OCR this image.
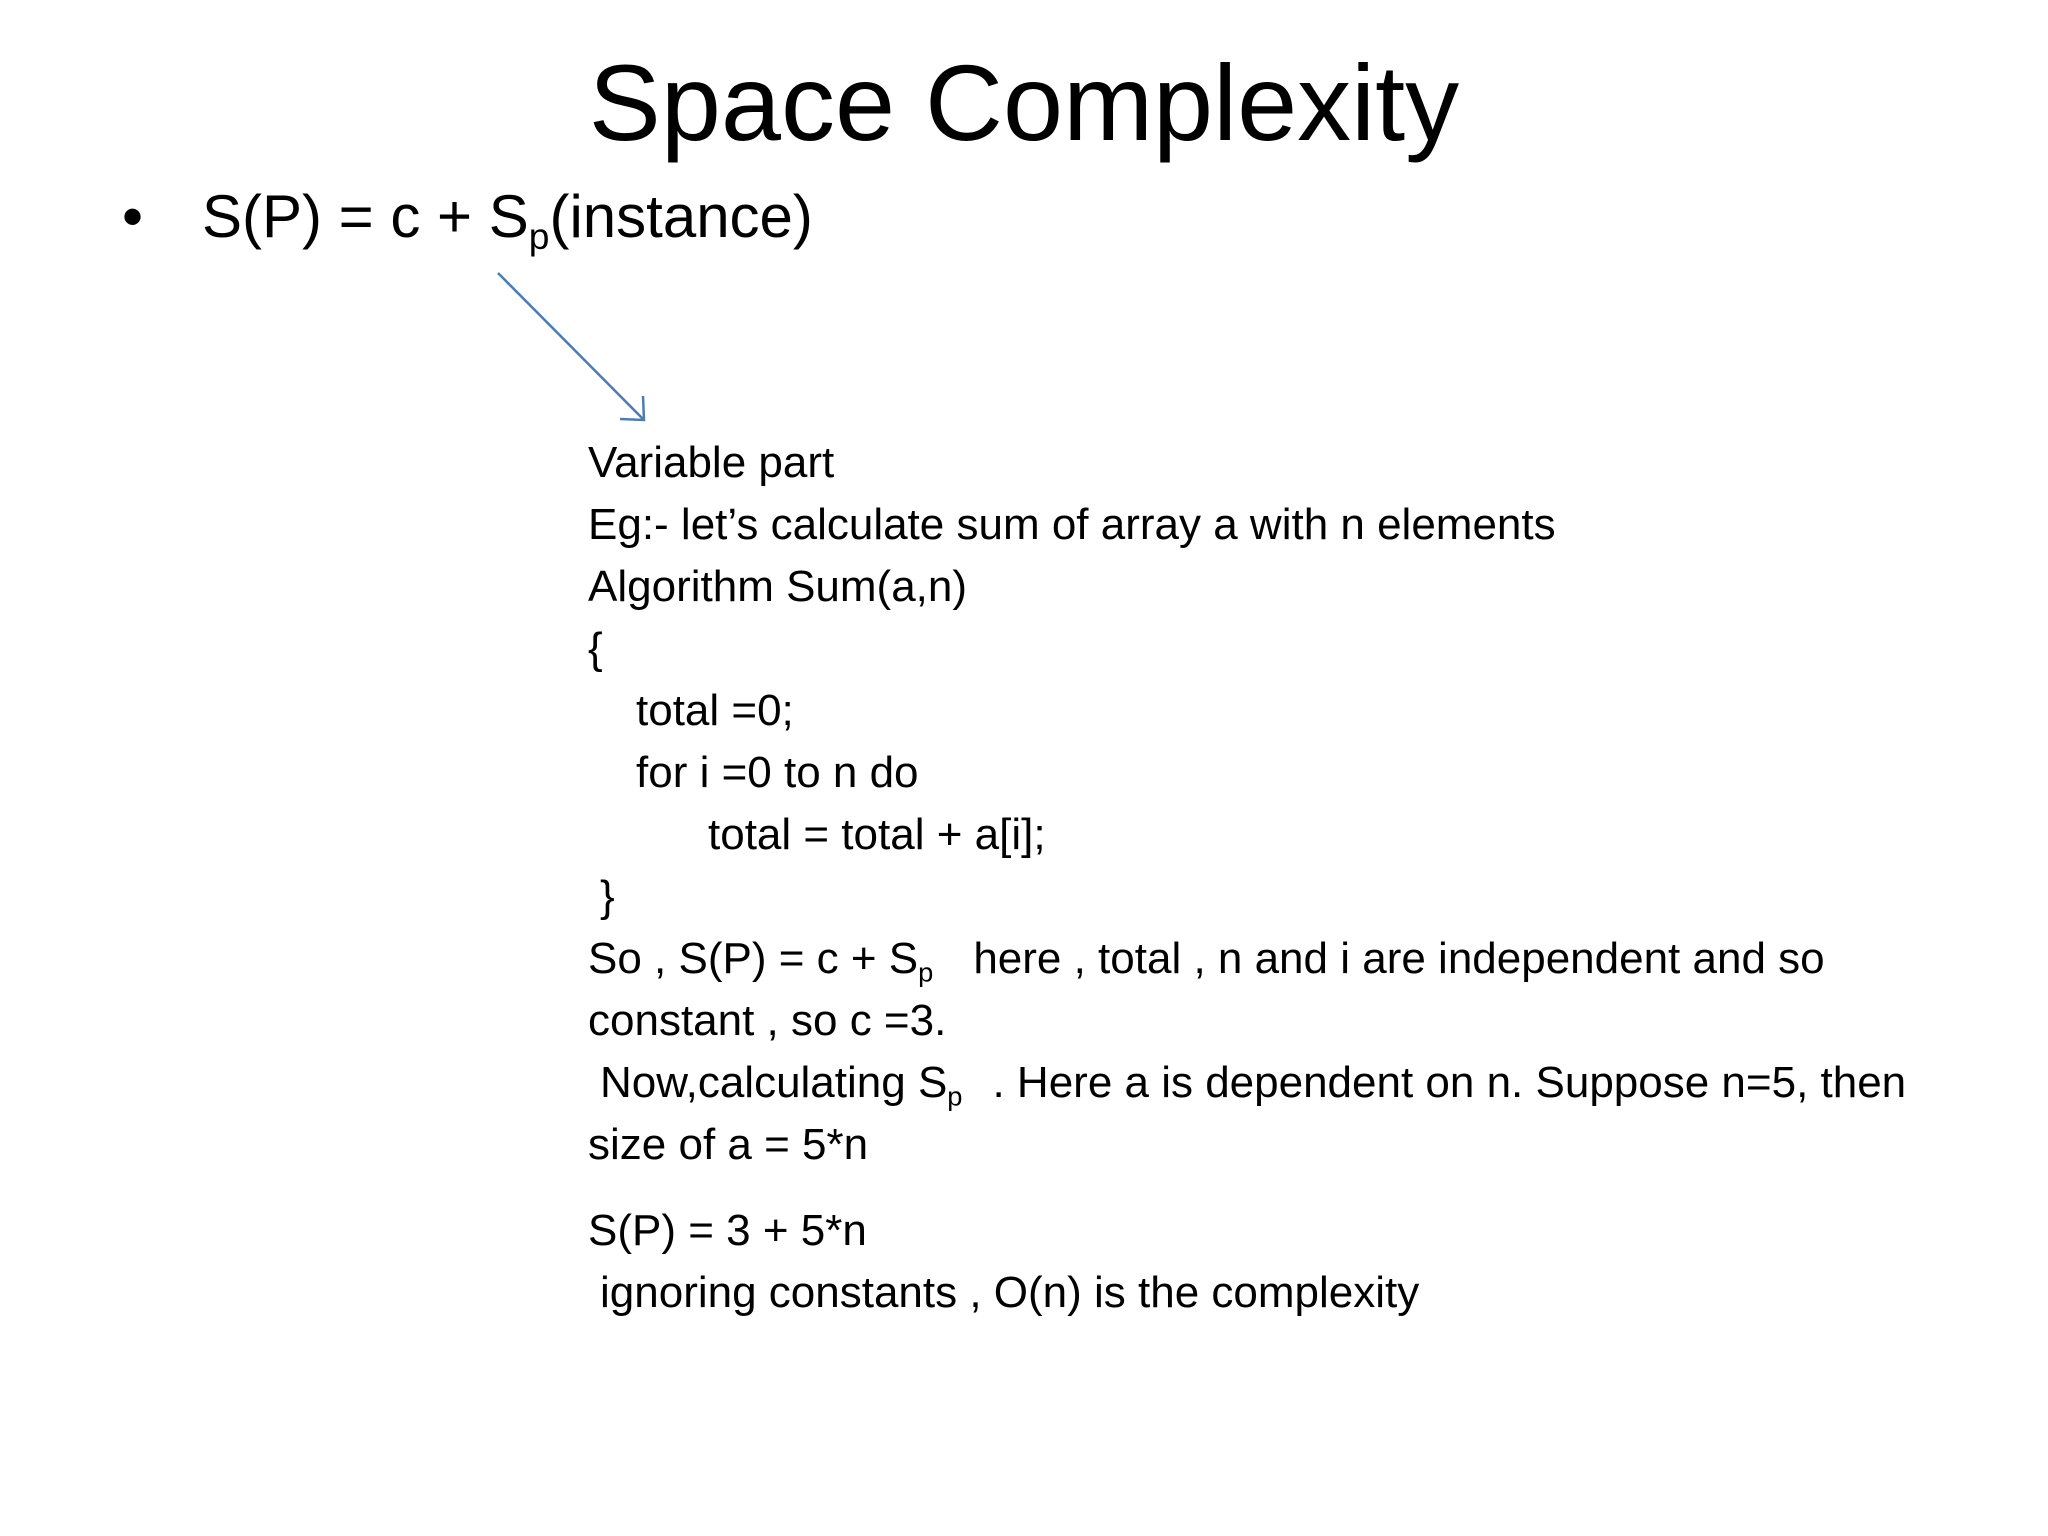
Space Complexity
• $S(P) = c + S_p(instance)$
Variable part
Eg:- let’s calculate sum of array a with n elements
Algorithm Sum(a,n)
{
total =0;
for i =0 to n do
total = total + a[i];
}
So , $S(P) = c + S_p$ here , total , n and i are independent and so
constant , so c =3.
Now,calculating $S_p$ . Here a is dependent on n. Suppose n=5, then
size of a = 5*n
S(P) = 3 + 5*n
ignoring constants , O(n) is the complexity
